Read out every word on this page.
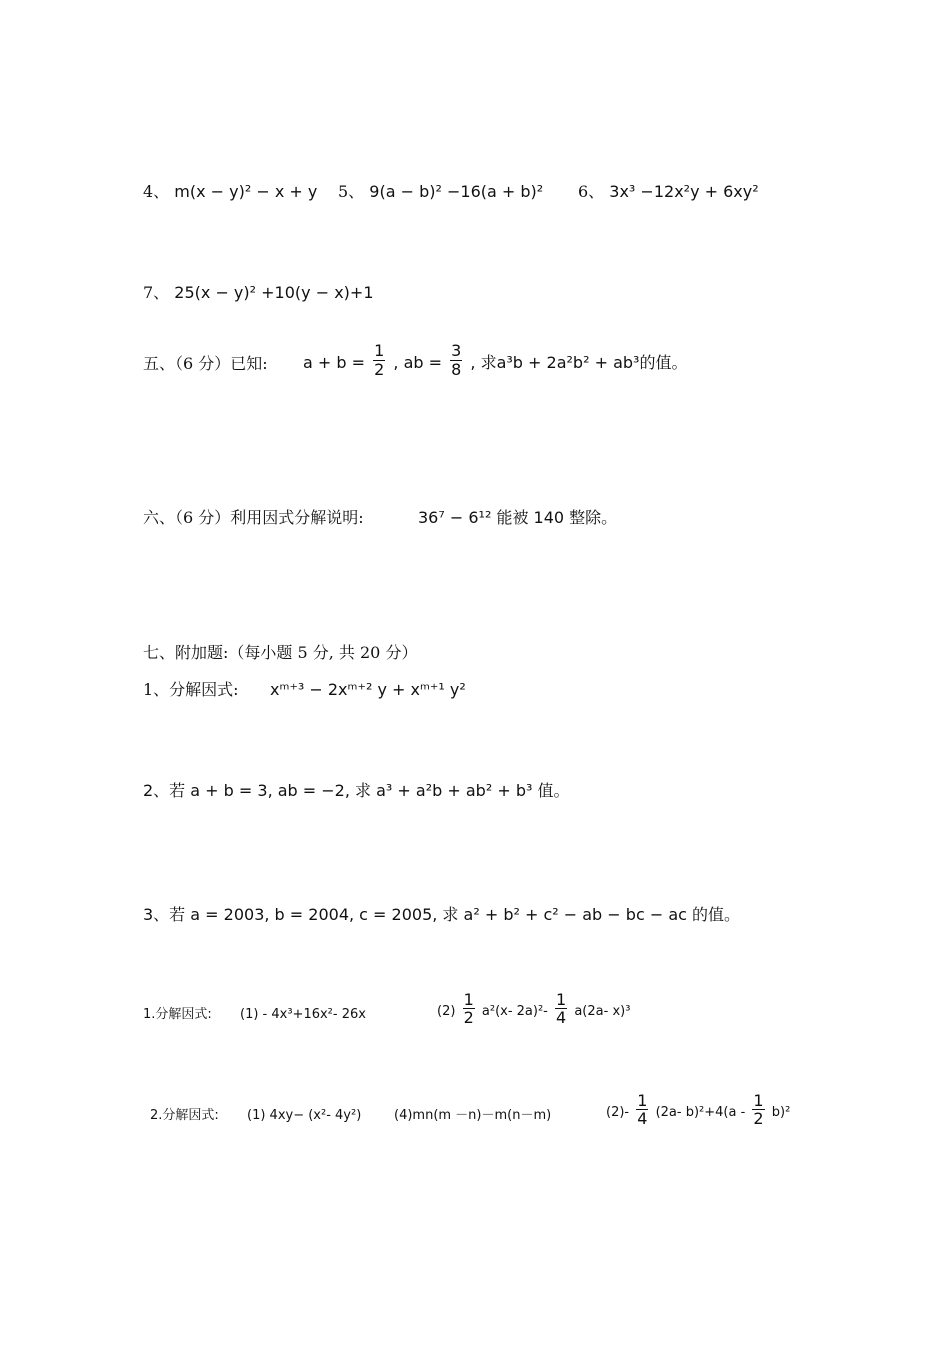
4、 m(x − y)² − x + y 5、 9(a − b)² −16(a + b)² 6、 3x³ −12x²y + 6xy²
7、 25(x − y)² +10(y − x)+1
五、（6 分）已知: $a + b = \frac{1}{2}$ , ab = $\frac{3}{8}$ , 求a³b + 2a²b² + ab³的值。
六、（6 分）利用因式分解说明:	36⁷ − 6¹² 能被 140 整除。
七、附加题:（每小题 5 分, 共 20 分）
1、分解因式: xᵐ⁺³ − 2xᵐ⁺² y + xᵐ⁺¹ y²
2、若 a + b = 3, ab = −2, 求 a³ + a²b + ab² + b³ 值。
3、若 a = 2003, b = 2004, c = 2005, 求 a² + b² + c² − ab − bc − ac 的值。
1.分解因式: (1) - 4x³+16x²- 26x	$(2) \frac{1}{2} a^2(x-$ $2a)^2- \frac{1}{4} a(2a-$ x)³
2.分解因式: (1) 4xy− (x²- 4y²)	(4)mn(m －n)－m(n－m)	$(2)- \frac{1}{4} (2a-$ $b)^2+4(a - \frac{1}{2} b)^2$
